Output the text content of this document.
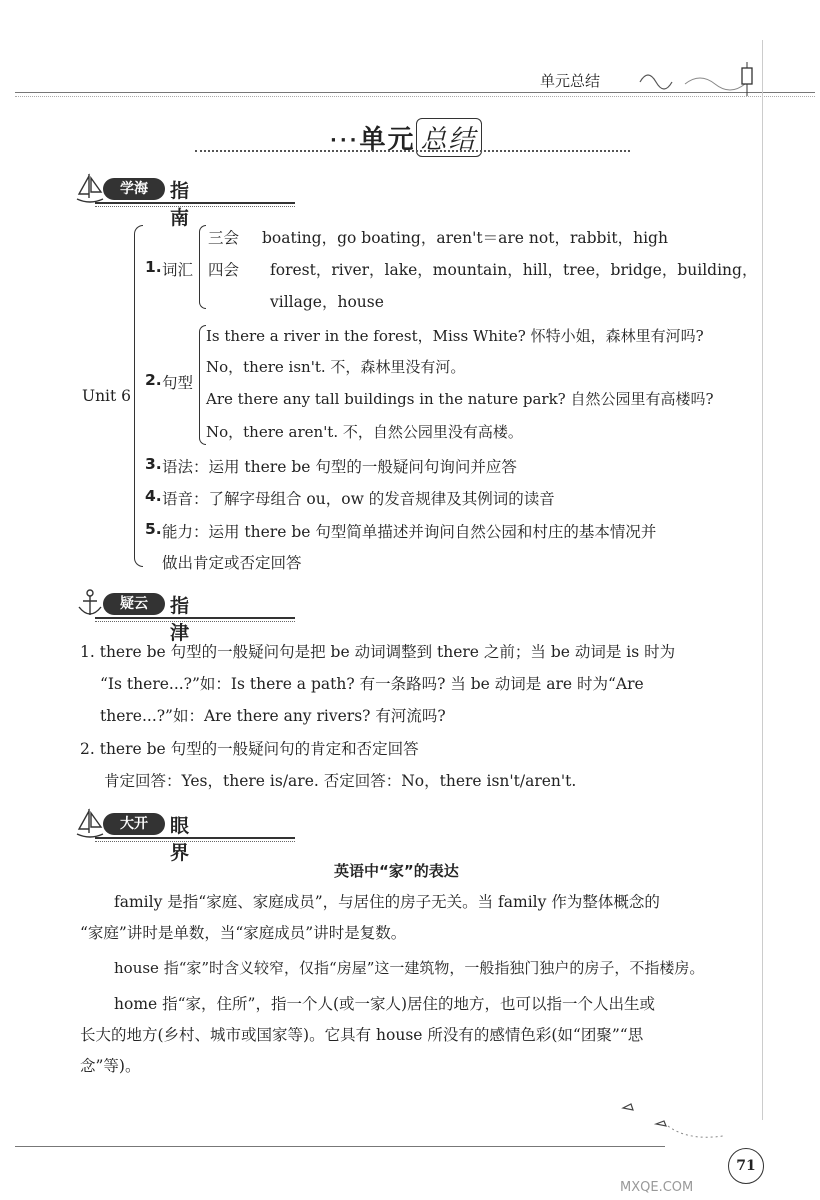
单元总结
···单元 总结
学海	指南
Unit 6
1. 词汇
三会 boating，go boating，aren't＝are not，rabbit，high
四会 forest，river，lake，mountain，hill，tree，bridge，building，
village，house
2. 句型
Is there a river in the forest，Miss White? 怀特小姐，森林里有河吗?
No，there isn't. 不，森林里没有河。
Are there any tall buildings in the nature park? 自然公园里有高楼吗?
No，there aren't. 不，自然公园里没有高楼。
3. 语法：运用 there be 句型的一般疑问句询问并应答
4. 语音：了解字母组合 ou，ow 的发音规律及其例词的读音
5. 能力：运用 there be 句型简单描述并询问自然公园和村庄的基本情况并
做出肯定或否定回答
疑云	指津
1. there be 句型的一般疑问句是把 be 动词调整到 there 之前；当 be 动词是 is 时为
“Is there...?”如：Is there a path? 有一条路吗? 当 be 动词是 are 时为“Are
there...?”如：Are there any rivers? 有河流吗?
2. there be 句型的一般疑问句的肯定和否定回答
肯定回答：Yes，there is/are. 否定回答：No，there isn't/aren't.
大开	眼界
英语中“家”的表达
family 是指“家庭、家庭成员”，与居住的房子无关。当 family 作为整体概念的
“家庭”讲时是单数，当“家庭成员”讲时是复数。
house 指“家”时含义较窄，仅指“房屋”这一建筑物，一般指独门独户的房子，不指楼房。
home 指“家，住所”，指一个人(或一家人)居住的地方，也可以指一个人出生或
长大的地方(乡村、城市或国家等)。它具有 house 所没有的感情色彩(如“团聚”“思
念”等)。
71
MXQE.COM
